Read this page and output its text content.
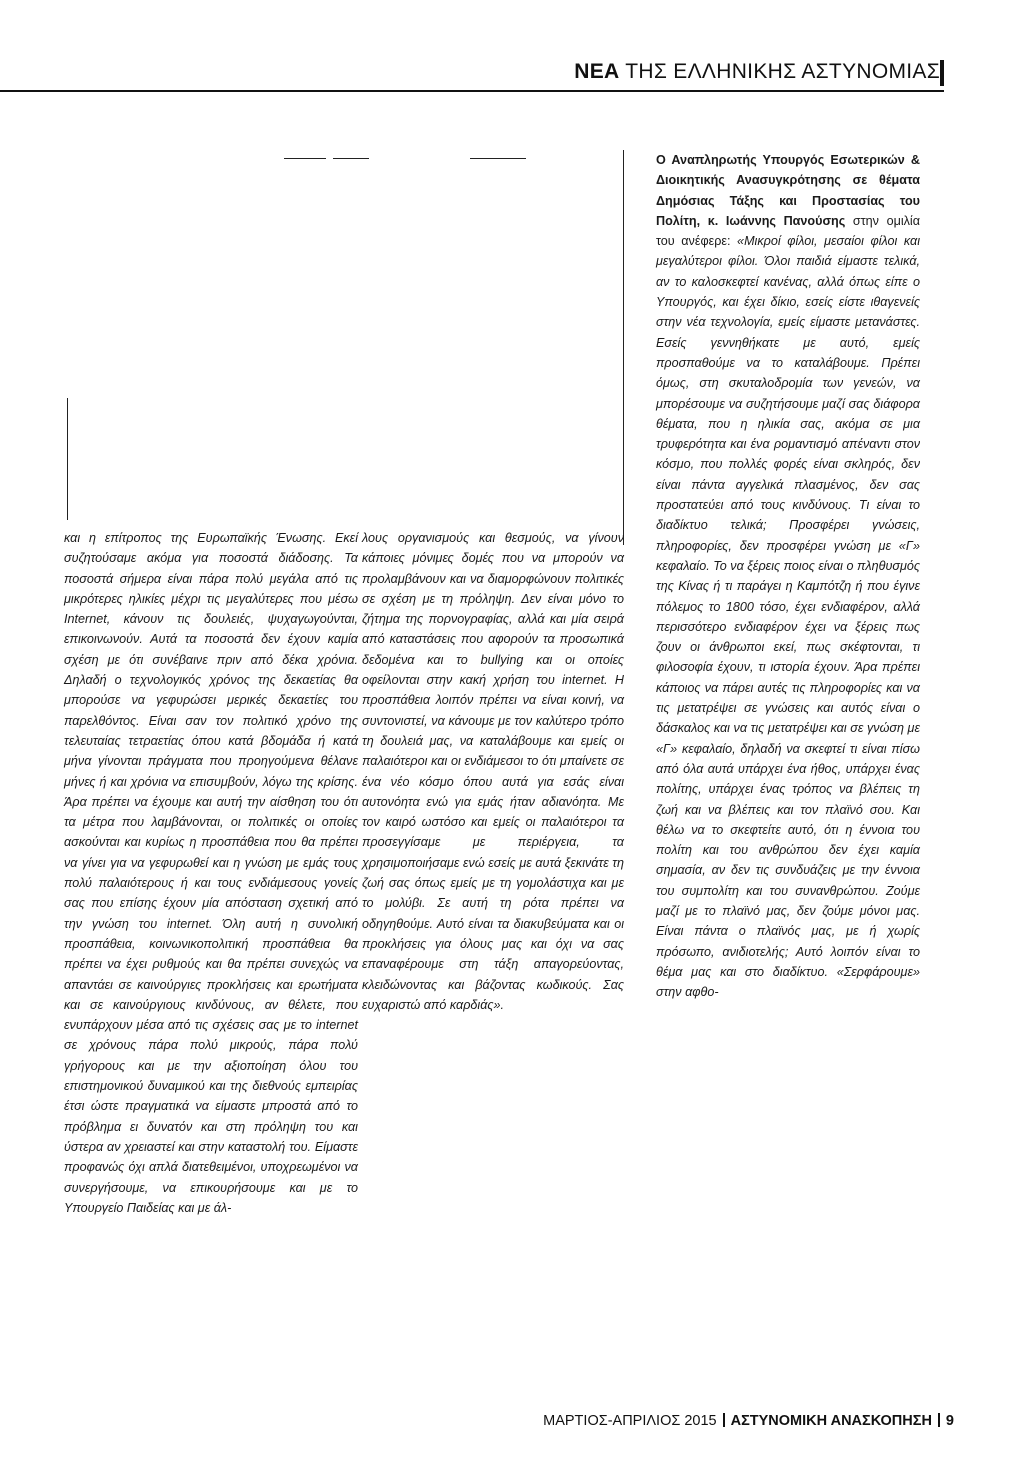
ΝΕΑ ΤΗΣ ΕΛΛΗΝΙΚΗΣ ΑΣΤΥΝΟΜΙΑΣ

και η επίτροπος της Ευρωπαϊκής Ένωσης. Εκεί συζητούσαμε ακόμα για ποσοστά διάδοσης. Τα ποσοστά σήμερα είναι πάρα πολύ μεγάλα από τις μικρότερες ηλικίες μέχρι τις μεγαλύτερες που μέσω Internet, κάνουν τις δουλειές, ψυχαγωγούνται, επικοινωνούν. Αυτά τα ποσοστά δεν έχουν καμία σχέση με ότι συνέβαινε πριν από δέκα χρόνια. Δηλαδή ο τεχνολογικός χρόνος της δεκαετίας θα μπορούσε να γεφυρώσει μερικές δεκαετίες του παρελθόντος. Είναι σαν τον πολιτικό χρόνο της τελευταίας τετραετίας όπου κατά βδομάδα ή κατά μήνα γίνονται πράγματα που προηγούμενα θέλανε μήνες ή και χρόνια να επισυμβούν, λόγω της κρίσης. Άρα πρέπει να έχουμε και αυτή την αίσθηση του ότι τα μέτρα που λαμβάνονται, οι πολιτικές οι οποίες ασκούνται και κυρίως η προσπάθεια που θα πρέπει να γίνει για να γεφυρωθεί και η γνώση με εμάς τους πολύ παλαιότερους ή και τους ενδιάμεσους γονείς σας που επίσης έχουν μία απόσταση σχετική από την γνώση του internet. Όλη αυτή η συνολική προσπάθεια, κοινωνικοπολιτική προσπάθεια θα πρέπει να έχει ρυθμούς και θα πρέπει συνεχώς να απαντάει σε καινούργιες προκλήσεις και ερωτήματα και σε καινούργιους κινδύνους, αν θέλετε, που ενυπάρχουν μέσα από τις σχέσεις σας με το internet σε χρόνους πάρα πολύ μικρούς, πάρα πολύ γρήγορους και με την αξιοποίηση όλου του επιστημονικού δυναμικού και της διεθνούς εμπειρίας έτσι ώστε πραγματικά να είμαστε μπροστά από το πρόβλημα ει δυνατόν και στη πρόληψη του και ύστερα αν χρειαστεί και στην καταστολή του. Είμαστε προφανώς όχι απλά διατεθειμένοι, υποχρεωμένοι να συνεργήσουμε, να επικουρήσουμε και με το Υπουργείο Παιδείας και με άλ-

λους οργανισμούς και θεσμούς, να γίνουν κάποιες μόνιμες δομές που να μπορούν να προλαμβάνουν και να διαμορφώνουν πολιτικές σε σχέση με τη πρόληψη. Δεν είναι μόνο το ζήτημα της πορνογραφίας, αλλά και μία σειρά από καταστάσεις που αφορούν τα προσωπικά δεδομένα και το bullying και οι οποίες οφείλονται στην κακή χρήση του internet. Η προσπάθεια λοιπόν πρέπει να είναι κοινή, να συντονιστεί, να κάνουμε με τον καλύτερο τρόπο τη δουλειά μας, να καταλάβουμε και εμείς οι παλαιότεροι και οι ενδιάμεσοι το ότι μπαίνετε σε ένα νέο κόσμο όπου αυτά για εσάς είναι αυτονόητα ενώ για εμάς ήταν αδιανόητα. Με τον καιρό ωστόσο και εμείς οι παλαιότεροι τα προσεγγίσαμε με περιέργεια, τα χρησιμοποιήσαμε ενώ εσείς με αυτά ξεκινάτε τη ζωή σας όπως εμείς με τη γομολάστιχα και με το μολύβι. Σε αυτή τη ρότα πρέπει να οδηγηθούμε. Αυτό είναι τα διακυβεύματα και οι προκλήσεις για όλους μας και όχι να σας επαναφέρουμε στη τάξη απαγορεύοντας, κλειδώνοντας και βάζοντας κωδικούς. Σας ευχαριστώ από καρδιάς».

Ο Αναπληρωτής Υπουργός Εσωτερικών & Διοικητικής Ανασυγκρότησης σε θέματα Δημόσιας Τάξης και Προστασίας του Πολίτη, κ. Ιωάννης Πανούσης στην ομιλία του ανέφερε: «Μικροί φίλοι, μεσαίοι φίλοι και μεγαλύτεροι φίλοι. Όλοι παιδιά είμαστε τελικά, αν το καλοσκεφτεί κανένας, αλλά όπως είπε ο Υπουργός, και έχει δίκιο, εσείς είστε ιθαγενείς στην νέα τεχνολογία, εμείς είμαστε μετανάστες. Εσείς γεννηθήκατε με αυτό, εμείς προσπαθούμε να το καταλάβουμε. Πρέπει όμως, στη σκυταλοδρομία των γενεών, να μπορέσουμε να συζητήσουμε μαζί σας διάφορα θέματα, που η ηλικία σας, ακόμα σε μια τρυφερότητα και ένα ρομαντισμό απέναντι στον κόσμο, που πολλές φορές είναι σκληρός, δεν είναι πάντα αγγελικά πλασμένος, δεν σας προστατεύει από τους κινδύνους. Τι είναι το διαδίκτυο τελικά; Προσφέρει γνώσεις, πληροφορίες, δεν προσφέρει γνώση με «Γ» κεφαλαίο. Το να ξέρεις ποιος είναι ο πληθυσμός της Κίνας ή τι παράγει η Καμπότζη ή που έγινε πόλεμος το 1800 τόσο, έχει ενδιαφέρον, αλλά περισσότερο ενδιαφέρον έχει να ξέρεις πως ζουν οι άνθρωποι εκεί, πως σκέφτονται, τι φιλοσοφία έχουν, τι ιστορία έχουν. Άρα πρέπει κάποιος να πάρει αυτές τις πληροφορίες και να τις μετατρέψει σε γνώσεις και αυτός είναι ο δάσκαλος και να τις μετατρέψει και σε γνώση με «Γ» κεφαλαίο, δηλαδή να σκεφτεί τι είναι πίσω από όλα αυτά υπάρχει ένα ήθος, υπάρχει ένας πολίτης, υπάρχει ένας τρόπος να βλέπεις τη ζωή και να βλέπεις και τον πλαϊνό σου. Και θέλω να το σκεφτείτε αυτό, ότι η έννοια του πολίτη και του ανθρώπου δεν έχει καμία σημασία, αν δεν τις συνδυάζεις με την έννοια του συμπολίτη και του συνανθρώπου. Ζούμε μαζί με το πλαϊνό μας, δεν ζούμε μόνοι μας. Είναι πάντα ο πλαϊνός μας, με ή χωρίς πρόσωπο, ανιδιοτελής; Αυτό λοιπόν είναι το θέμα μας και στο διαδίκτυο. «Σερφάρουμε» στην αφθο-

ΜΑΡΤΙΟΣ-ΑΠΡΙΛΙΟΣ 2015 ΑΣΤΥΝΟΜΙΚΗ ΑΝΑΣΚΟΠΗΣΗ 9
